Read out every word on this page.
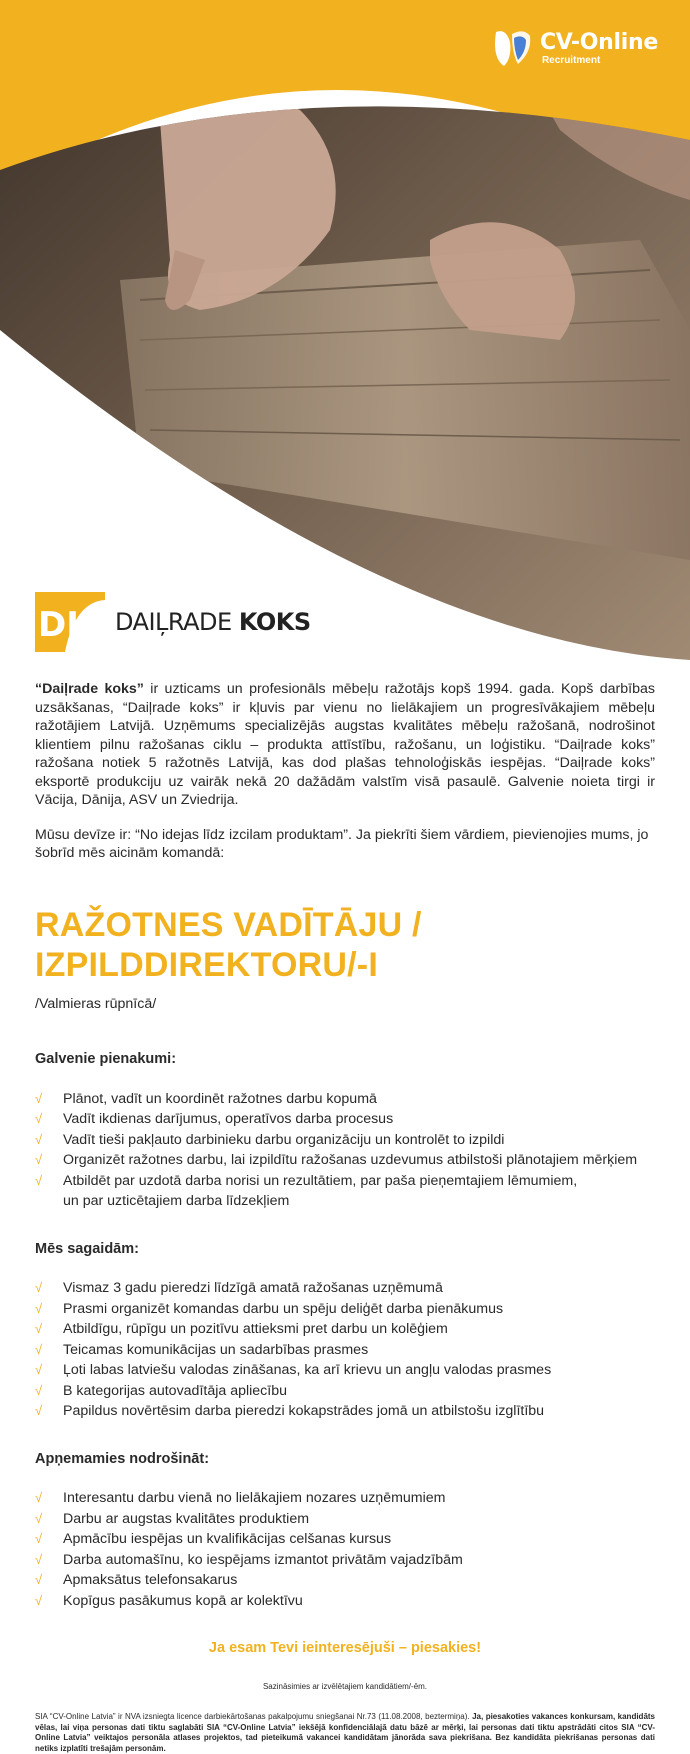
CV-Online
Recruitment
DK DAIĻRADE KOKS

“Daiļrade koks” ir uzticams un profesionāls mēbeļu ražotājs kopš 1994. gada. Kopš darbības uzsākšanas, “Daiļrade koks” ir kļuvis par vienu no lielākajiem un progresīvākajiem mēbeļu ražotājiem Latvijā. Uzņēmums specializējās augstas kvalitātes mēbeļu ražošanā, nodrošinot klientiem pilnu ražošanas ciklu – produkta attīstību, ražošanu, un loģistiku. “Daiļrade koks” ražošana notiek 5 ražotnēs Latvijā, kas dod plašas tehnoloģiskās iespējas. “Daiļrade koks” eksportē produkciju uz vairāk nekā 20 dažādām valstīm visā pasaulē. Galvenie noieta tirgi ir Vācija, Dānija, ASV un Zviedrija.

Mūsu devīze ir: “No idejas līdz izcilam produktam”. Ja piekrīti šiem vārdiem, pievienojies mums, jo šobrīd mēs aicinām komandā:

RAŽOTNES VADĪTĀJU /
IZPILDDIREKTORU/-I

/Valmieras rūpnīcā/

Galvenie pienakumi:
√ Plānot, vadīt un koordinēt ražotnes darbu kopumā
√ Vadīt ikdienas darījumus, operatīvos darba procesus
√ Vadīt tieši pakļauto darbinieku darbu organizāciju un kontrolēt to izpildi
√ Organizēt ražotnes darbu, lai izpildītu ražošanas uzdevumus atbilstoši plānotajiem mērķiem
√ Atbildēt par uzdotā darba norisi un rezultātiem, par paša pieņemtajiem lēmumiem, un par uzticētajiem darba līdzekļiem
Mēs sagaidām:
√ Vismaz 3 gadu pieredzi līdzīgā amatā ražošanas uzņēmumā
√ Prasmi organizēt komandas darbu un spēju deliģēt darba pienākumus
√ Atbildīgu, rūpīgu un pozitīvu attieksmi pret darbu un kolēģiem
√ Teicamas komunikācijas un sadarbības prasmes
√ Ļoti labas latviešu valodas zināšanas, ka arī krievu un angļu valodas prasmes
√ B kategorijas autovadītāja apliecību
√ Papildus novērtēsim darba pieredzi kokapstrādes jomā un atbilstošu izglītību
Apņemamies nodrošināt:
√ Interesantu darbu vienā no lielākajiem nozares uzņēmumiem
√ Darbu ar augstas kvalitātes produktiem
√ Apmācību iespējas un kvalifikācijas celšanas kursus
√ Darba automašīnu, ko iespējams izmantot privātām vajadzībām
√ Apmaksātus telefonsakarus
√ Kopīgus pasākumus kopā ar kolektīvu

Ja esam Tevi ieinteresējuši – piesakies!

Sazināsimies ar izvēlētajiem kandidātiem/-ēm.

SIA “CV-Online Latvia” ir NVA izsniegta licence darbiekārtošanas pakalpojumu sniegšanai Nr.73 (11.08.2008, beztermiņa). Ja, piesakoties vakances konkursam, kandidāts vēlas, lai viņa personas dati tiktu saglabāti SIA “CV-Online Latvia” iekšējā konfidenciālajā datu bāzē ar mērķi, lai personas dati tiktu apstrādāti citos SIA “CV-Online Latvia” veiktajos personāla atlases projektos, tad pieteikumā vakancei kandidātam jānorāda sava piekrišana. Bez kandidāta piekrišanas personas dati netiks izplatīti trešajām personām.
